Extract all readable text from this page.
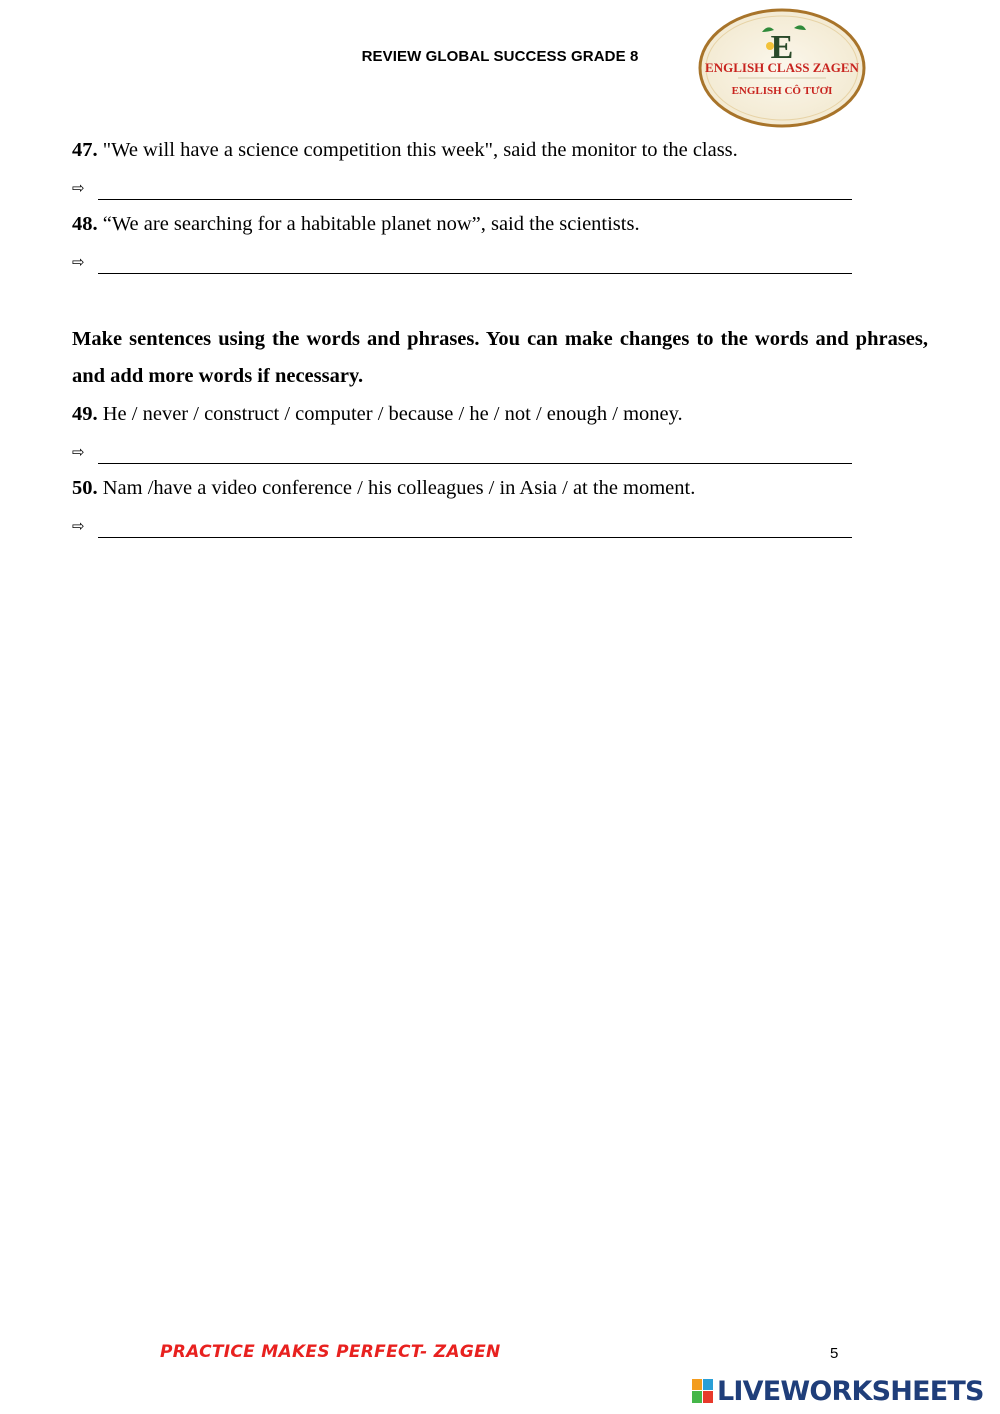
REVIEW GLOBAL SUCCESS GRADE 8	E
ENGLISH CLASS ZAGEN
ENGLISH CÔ TƯƠI
47. "We will have a science competition this week", said the monitor to the class.
⇨
48. “We are searching for a habitable planet now”, said the scientists.
⇨
Make sentences using the words and phrases. You can make changes to the words and phrases, and add more words if necessary.
49. He / never / construct / computer / because / he / not / enough / money.
⇨
50. Nam /have a video conference / his colleagues / in Asia / at the moment.
⇨
PRACTICE MAKES PERFECT- ZAGEN	5
LIVEWORKSHEETS
